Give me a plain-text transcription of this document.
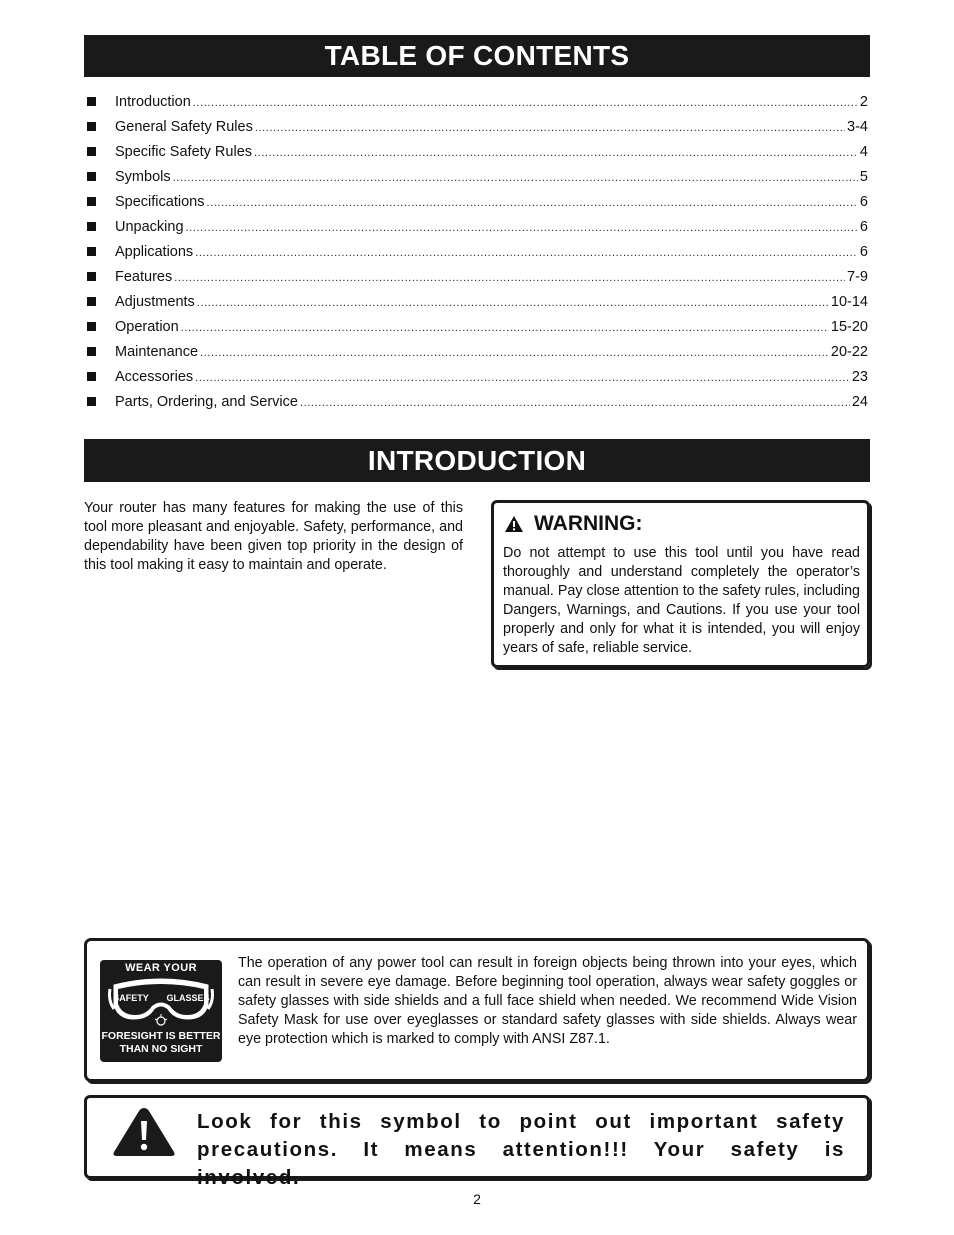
TABLE OF CONTENTS
Introduction .....	2
General Safety Rules .....	3-4
Specific Safety Rules .....	4
Symbols .....	5
Specifications .....	6
Unpacking .....	6
Applications .....	6
Features .....	7-9
Adjustments .....	10-14
Operation .....	15-20
Maintenance .....	20-22
Accessories .....	23
Parts, Ordering, and Service .....	24
INTRODUCTION

Your router has many features for making the use of this tool more pleasant and enjoyable. Safety, performance, and dependability have been given top priority in the design of this tool making it easy to maintain and operate.

WARNING:

Do not attempt to use this tool until you have read thoroughly and understand completely the operator’s manual. Pay close attention to the safety rules, including Dangers, Warnings, and Cautions. If you use your tool properly and only for what it is intended, you will enjoy years of safe, reliable service.

WEAR YOUR
SAFETY GLASSES
FORESIGHT IS BETTER
THAN NO SIGHT

The operation of any power tool can result in foreign objects being thrown into your eyes, which can result in severe eye damage. Before beginning tool operation, always wear safety goggles or safety glasses with side shields and a full face shield when needed. We recommend Wide Vision Safety Mask for use over eyeglasses or standard safety glasses with side shields. Always wear eye protection which is marked to comply with ANSI Z87.1.

Look for this symbol to point out important safety precautions. It means attention!!! Your safety is involved.

2
